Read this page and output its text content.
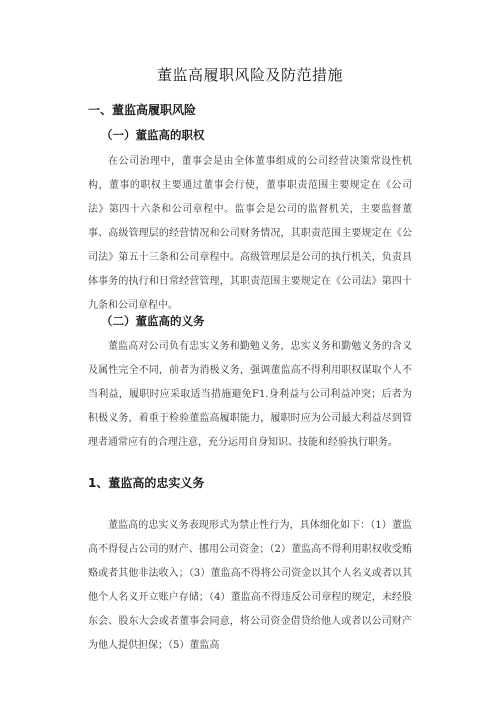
董监高履职风险及防范措施
一、董监高履职风险
（一）董监高的职权
在公司治理中，董事会是由全体董事组成的公司经营决策常设性机构，董事的职权主要通过董事会行使，董事职责范围主要规定在《公司法》第四十六条和公司章程中。监事会是公司的监督机关，主要监督董事、高级管理层的经营情况和公司财务情况，其职责范围主要规定在《公司法》第五十三条和公司章程中。高级管理层是公司的执行机关，负责具体事务的执行和日常经营管理，其职责范围主要规定在《公司法》第四十九条和公司章程中。
（二）董监高的义务
董监高对公司负有忠实义务和勤勉义务，忠实义务和勤勉义务的含义及属性完全不同，前者为消极义务，强调董监高不得利用职权谋取个人不当利益，履职时应采取适当措施避免F1.身利益与公司利益冲突；后者为积极义务，着重于检验董监高履职能力，履职时应为公司最大利益尽到管理者通常应有的合理注意，充分运用自身知识、技能和经验执行职务。
1、董监高的忠实义务
董监高的忠实义务表现形式为禁止性行为，具体细化如下：（1）董监高不得侵占公司的财产、挪用公司资金；（2）董监高不得利用职权收受贿赂或者其他非法收入；（3）董监高不得将公司资金以其个人名义或者以其他个人名义开立账户存储；（4）董监高不得违反公司章程的规定，未经股东会、股东大会或者董事会同意，将公司资金借贷给他人或者以公司财产为他人提供担保；（5）董监高
